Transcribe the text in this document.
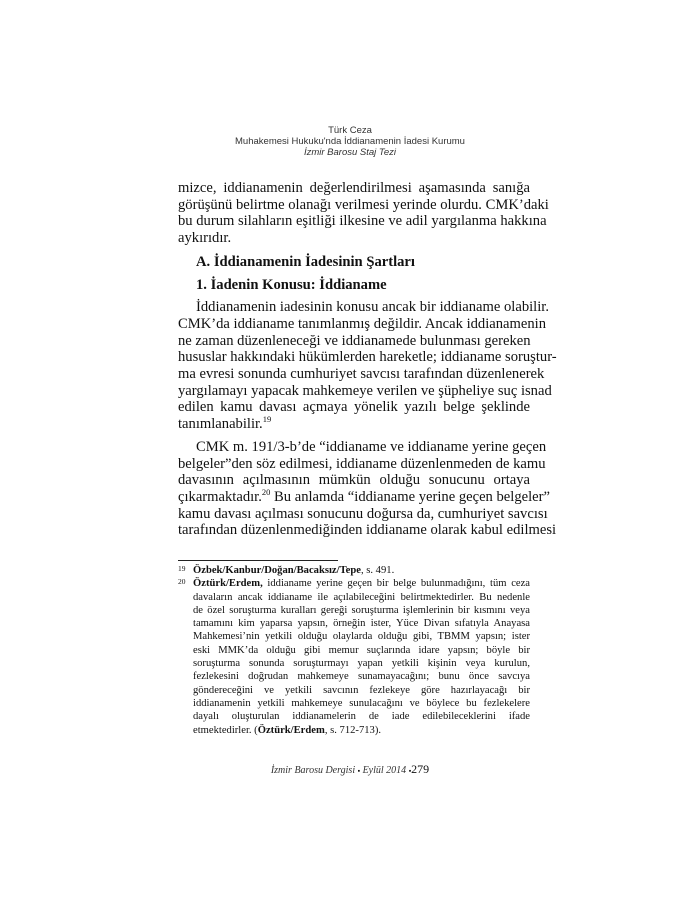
Türk Ceza
Muhakemesi Hukuku'nda İddianamenin İadesi Kurumu
İzmir Barosu Staj Tezi
mizce, iddianamenin değerlendirilmesi aşamasında sanığa
görüşünü belirtme olanağı verilmesi yerinde olurdu. CMK’daki
bu durum silahların eşitliği ilkesine ve adil yargılanma hakkına
aykırıdır.
A. İddianamenin İadesinin Şartları
1. İadenin Konusu: İddianame
İddianamenin iadesinin konusu ancak bir iddianame olabilir.
CMK’da iddianame tanımlanmış değildir. Ancak iddianamenin
ne zaman düzenleneceği ve iddianamede bulunması gereken
hususlar hakkındaki hükümlerden hareketle; iddianame soruştur-
ma evresi sonunda cumhuriyet savcısı tarafından düzenlenerek
yargılamayı yapacak mahkemeye verilen ve şüpheliye suç isnad
edilen kamu davası açmaya yönelik yazılı belge şeklinde
tanımlanabilir.$^{19}$
CMK m. 191/3-b’de “iddianame ve iddianame yerine geçen
belgeler”den söz edilmesi, iddianame düzenlenmeden de kamu
davasının açılmasının mümkün olduğu sonucunu ortaya
çıkarmaktadır.$^{20}$ Bu anlamda “iddianame yerine geçen belgeler”
kamu davası açılması sonucunu doğursa da, cumhuriyet savcısı
tarafından düzenlenmediğinden iddianame olarak kabul edilmesi
19 Özbek/Kanbur/Doğan/Bacaksız/Tepe, s. 491.
20 Öztürk/Erdem, iddianame yerine geçen bir belge bulunmadığını, tüm ceza
davaların ancak iddianame ile açılabileceğini belirtmektedirler. Bu nedenle
de özel soruşturma kuralları gereği soruşturma işlemlerinin bir kısmını veya
tamamını kim yaparsa yapsın, örneğin ister, Yüce Divan sıfatıyla Anayasa
Mahkemesi’nin yetkili olduğu olaylarda olduğu gibi, TBMM yapsın; ister
eski MMK’da olduğu gibi memur suçlarında idare yapsın; böyle bir
soruşturma sonunda soruşturmayı yapan yetkili kişinin veya kurulun,
fezlekesini doğrudan mahkemeye sunamayacağını; bunu önce savcıya
göndereceğini ve yetkili savcının fezlekeye göre hazırlayacağı bir
iddianamenin yetkili mahkemeye sunulacağını ve böylece bu fezlekelere
dayalı oluşturulan iddianamelerin de iade edilebileceklerini ifade
etmektedirler. (Öztürk/Erdem, s. 712-713).
İzmir Barosu Dergisi ▪ Eylül 2014 ▪279
